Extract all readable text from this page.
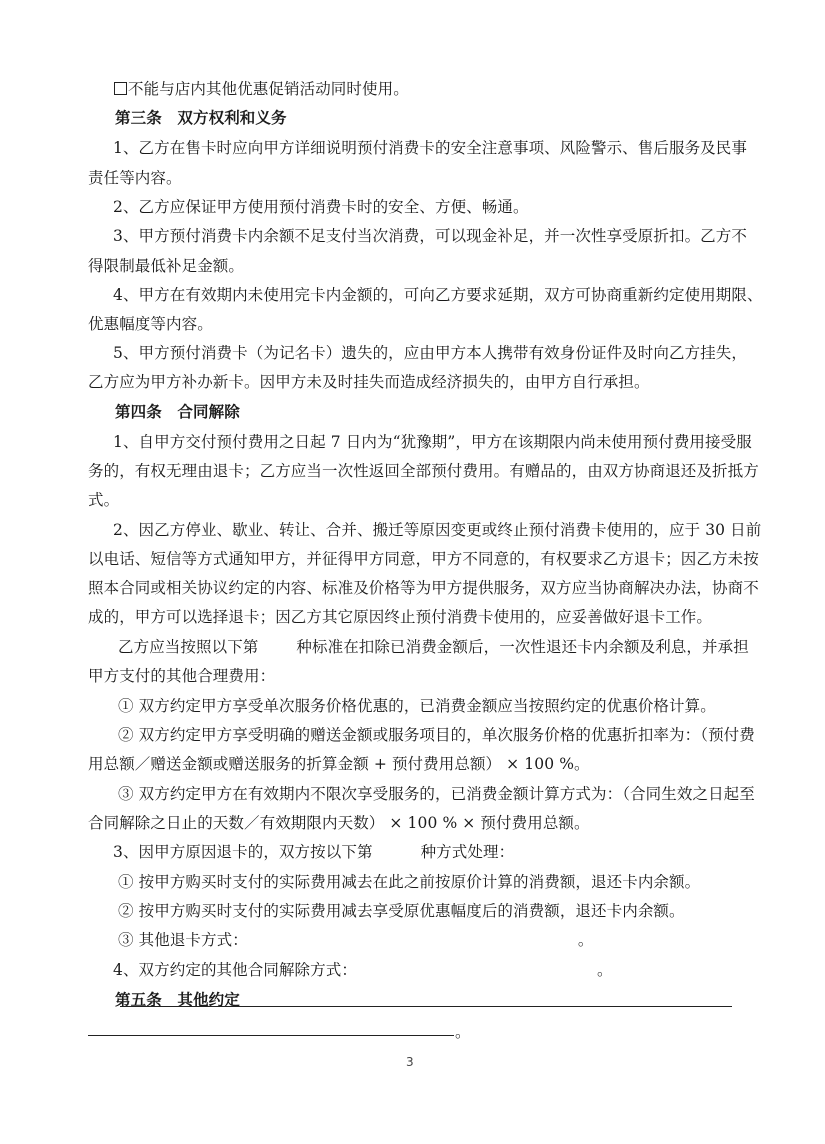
不能与店内其他优惠促销活动同时使用。
第三条　双方权利和义务
1、乙方在售卡时应向甲方详细说明预付消费卡的安全注意事项、风险警示、售后服务及民事
责任等内容。
2、乙方应保证甲方使用预付消费卡时的安全、方便、畅通。
3、甲方预付消费卡内余额不足支付当次消费，可以现金补足，并一次性享受原折扣。乙方不
得限制最低补足金额。
4、甲方在有效期内未使用完卡内金额的，可向乙方要求延期，双方可协商重新约定使用期限、
优惠幅度等内容。
5、甲方预付消费卡（为记名卡）遗失的，应由甲方本人携带有效身份证件及时向乙方挂失，
乙方应为甲方补办新卡。因甲方未及时挂失而造成经济损失的，由甲方自行承担。
第四条　合同解除
1、自甲方交付预付费用之日起 7 日内为“犹豫期”，甲方在该期限内尚未使用预付费用接受服
务的，有权无理由退卡；乙方应当一次性返回全部预付费用。有赠品的，由双方协商退还及折抵方
式。
2、因乙方停业、歇业、转让、合并、搬迁等原因变更或终止预付消费卡使用的，应于 30 日前
以电话、短信等方式通知甲方，并征得甲方同意，甲方不同意的，有权要求乙方退卡；因乙方未按
照本合同或相关协议约定的内容、标准及价格等为甲方提供服务，双方应当协商解决办法，协商不
成的，甲方可以选择退卡；因乙方其它原因终止预付消费卡使用的，应妥善做好退卡工作。
乙方应当按照以下第 种标准在扣除已消费金额后，一次性退还卡内余额及利息，并承担
甲方支付的其他合理费用：
① 双方约定甲方享受单次服务价格优惠的，已消费金额应当按照约定的优惠价格计算。
② 双方约定甲方享受明确的赠送金额或服务项目的，单次服务价格的优惠折扣率为：（预付费
用总额／赠送金额或赠送服务的折算金额 + 预付费用总额） × 100 %。
③ 双方约定甲方在有效期内不限次享受服务的，已消费金额计算方式为：（合同生效之日起至
合同解除之日止的天数／有效期限内天数） × 100 % × 预付费用总额。
3、因甲方原因退卡的，双方按以下第	种方式处理：
① 按甲方购买时支付的实际费用减去在此之前按原价计算的消费额，退还卡内余额。
② 按甲方购买时支付的实际费用减去享受原优惠幅度后的消费额，退还卡内余额。
③ 其他退卡方式：	。
4、双方约定的其他合同解除方式：	。
第五条　其他约定
。
3
